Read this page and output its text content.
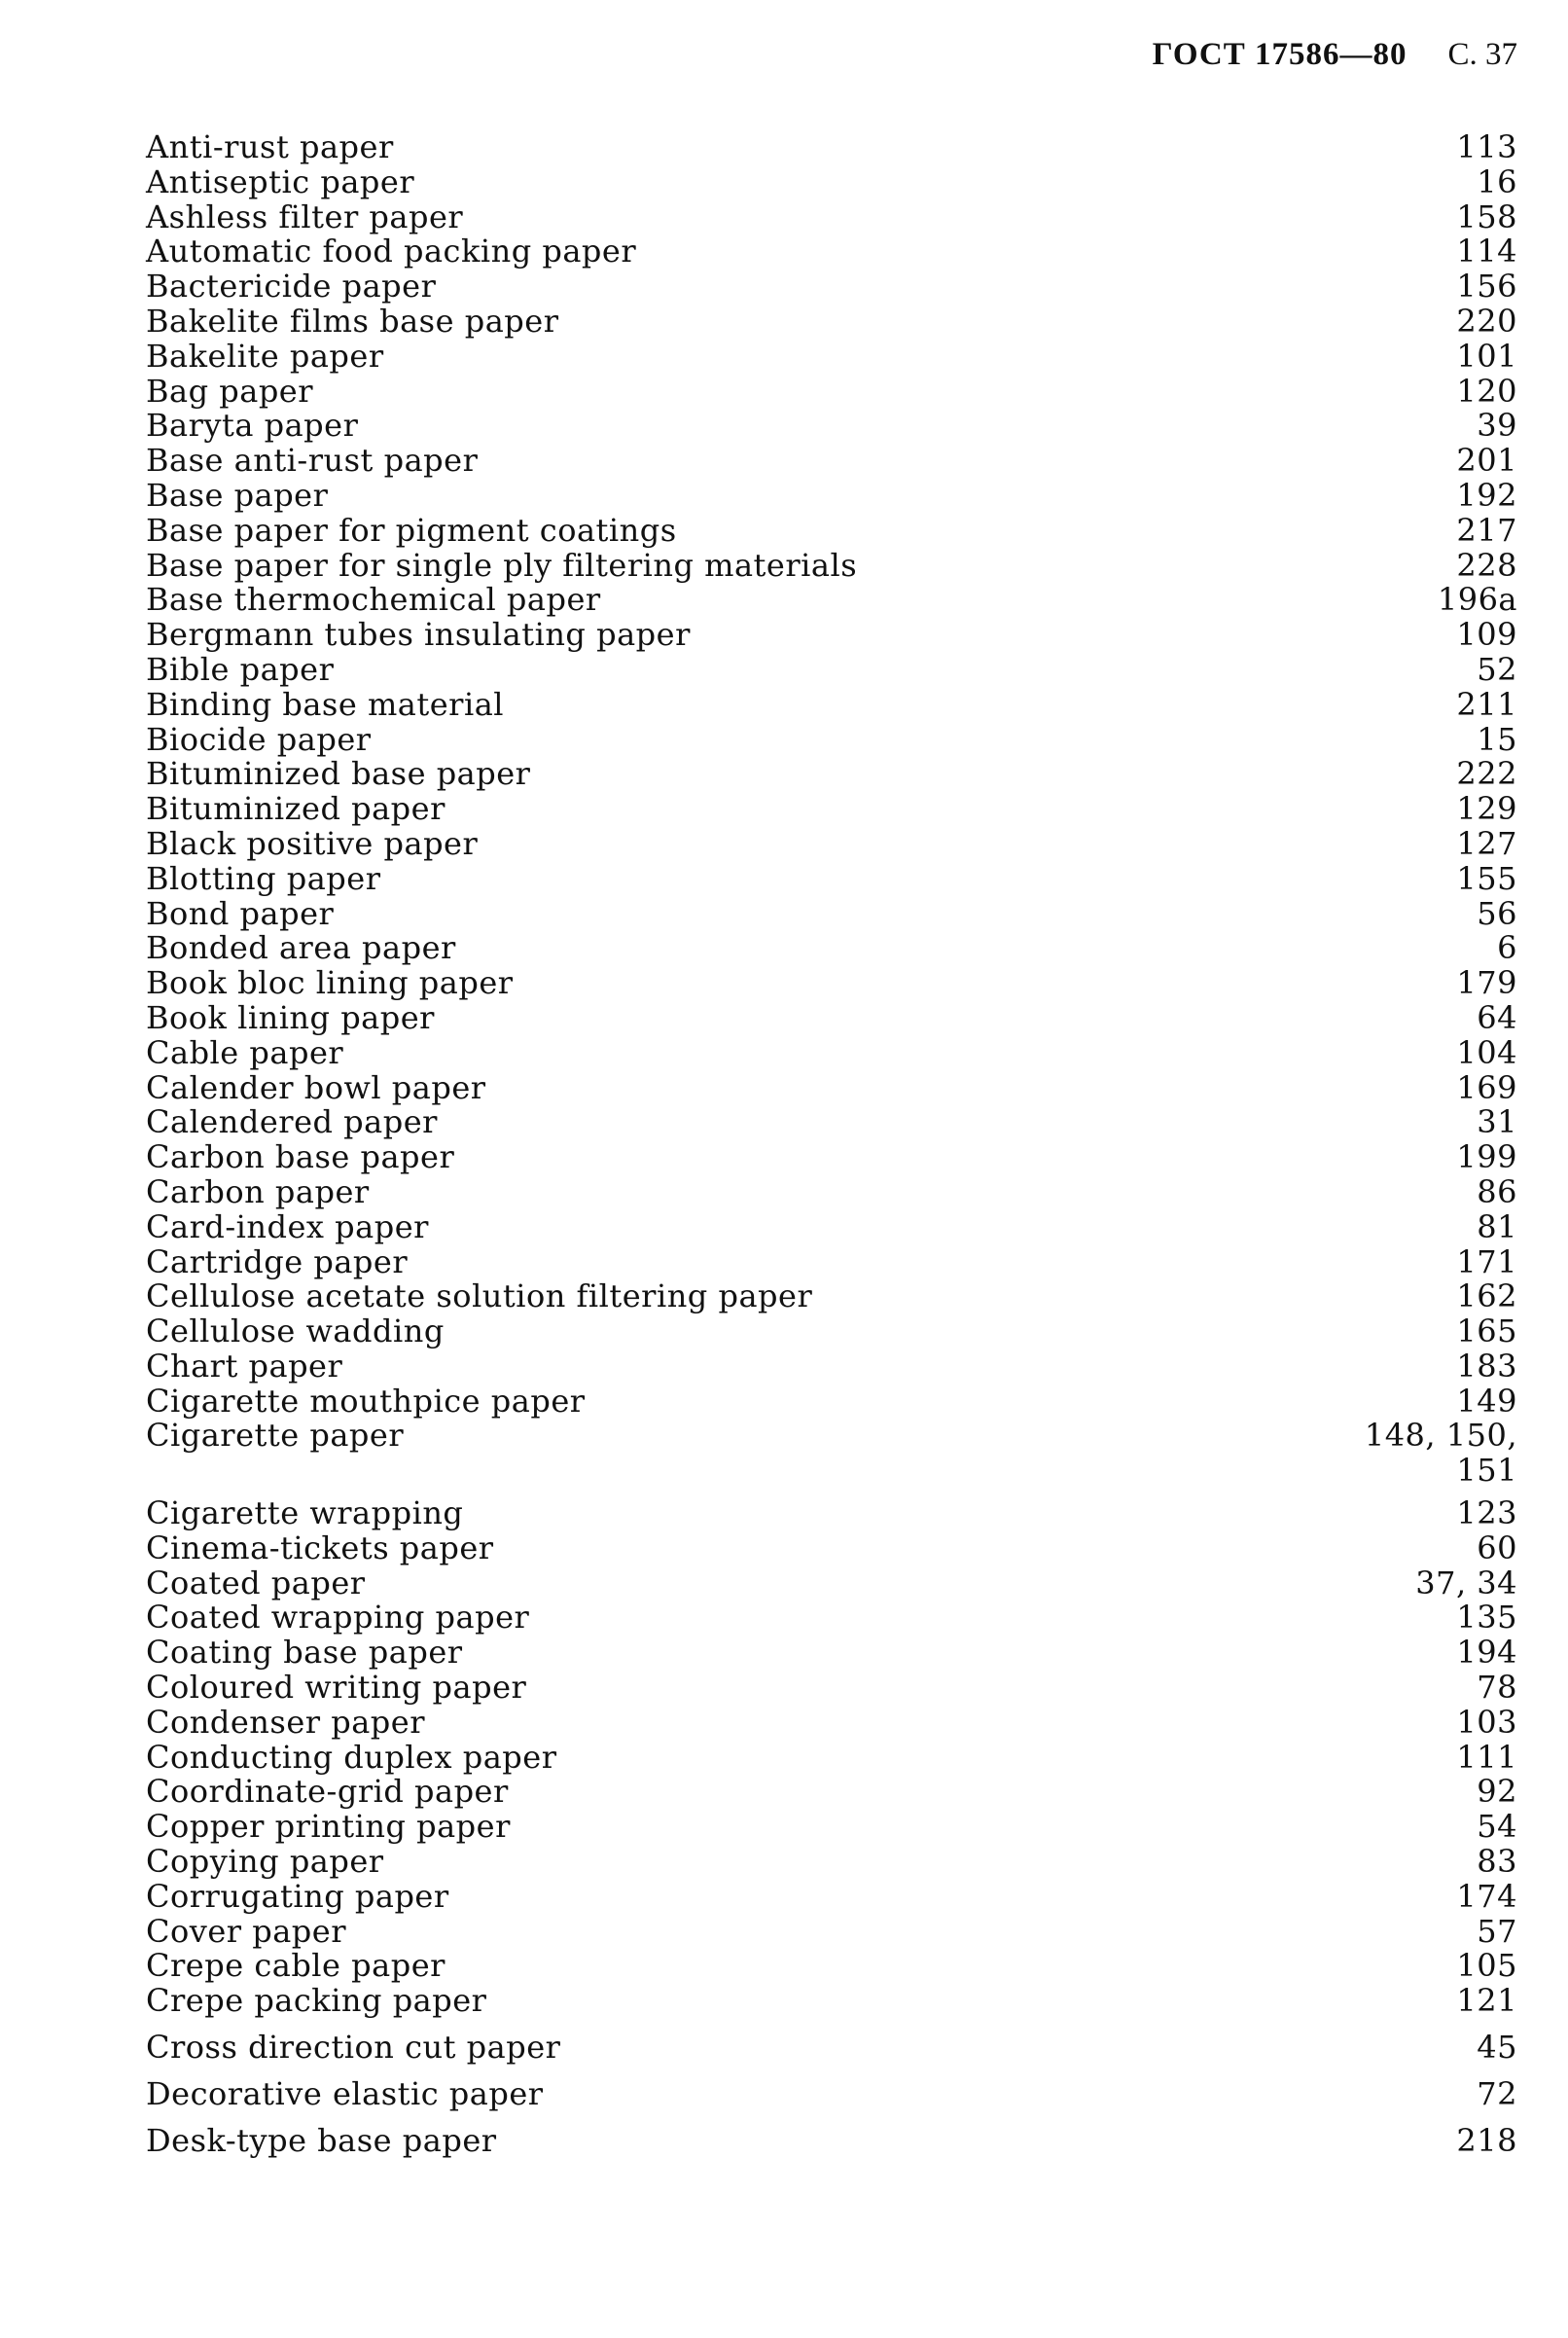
ГОСТ 17586—80 С. 37
Anti-rust paper	113
Antiseptic paper	16
Ashless filter paper	158
Automatic food packing paper	114
Bactericide paper	156
Bakelite films base paper	220
Bakelite paper	101
Bag paper	120
Baryta paper	39
Base anti-rust paper	201
Base paper	192
Base paper for pigment coatings	217
Base paper for single ply filtering materials	228
Base thermochemical paper	196a
Bergmann tubes insulating paper	109
Bible paper	52
Binding base material	211
Biocide paper	15
Bituminized base paper	222
Bituminized paper	129
Black positive paper	127
Blotting paper	155
Bond paper	56
Bonded area paper	6
Book bloc lining paper	179
Book lining paper	64
Cable paper	104
Calender bowl paper	169
Calendered paper	31
Carbon base paper	199
Carbon paper	86
Card-index paper	81
Cartridge paper	171
Cellulose acetate solution filtering paper	162
Cellulose wadding	165
Chart paper	183
Cigarette mouthpice paper	149
Cigarette paper	148, 150,
151
Cigarette wrapping	123
Cinema-tickets paper	60
Coated paper	37, 34
Coated wrapping paper	135
Coating base paper	194
Coloured writing paper	78
Condenser paper	103
Conducting duplex paper	111
Coordinate-grid paper	92
Copper printing paper	54
Copying paper	83
Corrugating paper	174
Cover paper	57
Crepe cable paper	105
Crepe packing paper	121
Cross direction cut paper	45
Decorative elastic paper	72
Desk-type base paper	218
